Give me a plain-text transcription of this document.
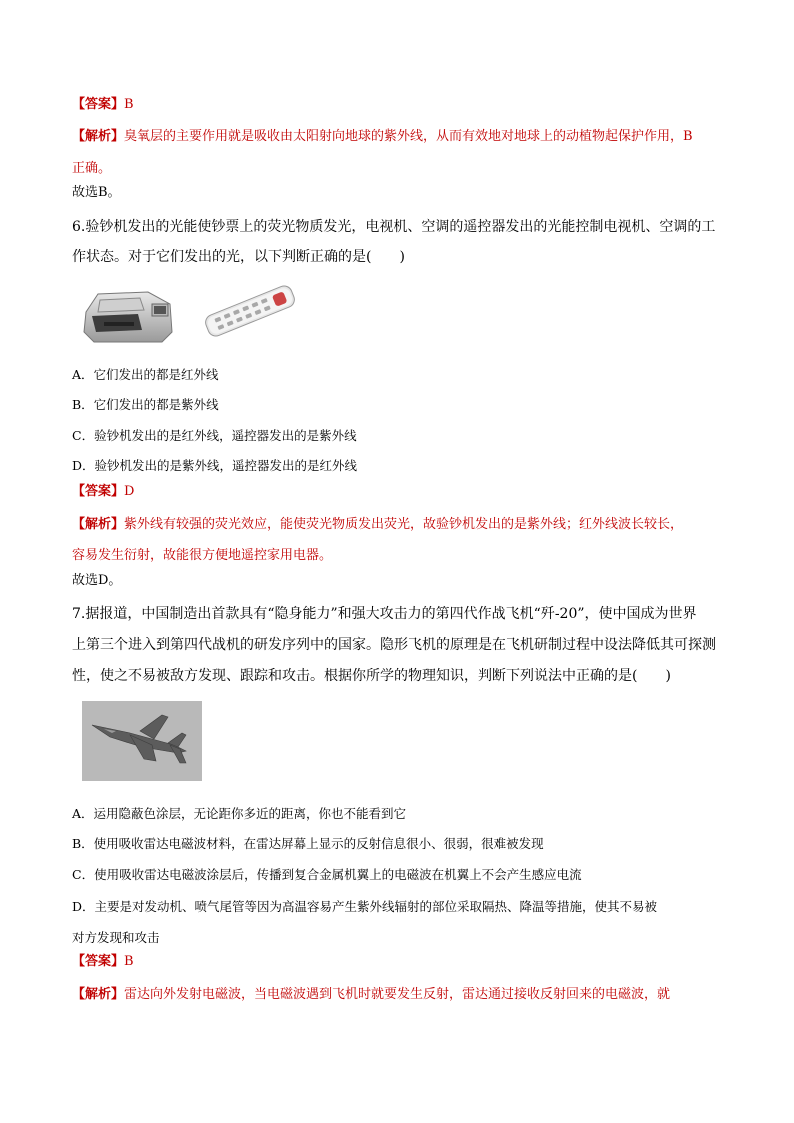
【答案】B
【解析】臭氧层的主要作用就是吸收由太阳射向地球的紫外线，从而有效地对地球上的动植物起保护作用，B
正确。
故选B。
6.验钞机发出的光能使钞票上的荧光物质发光，电视机、空调的遥控器发出的光能控制电视机、空调的工
作状态。对于它们发出的光，以下判断正确的是(　　)
A．它们发出的都是红外线
B．它们发出的都是紫外线
C．验钞机发出的是红外线，遥控器发出的是紫外线
D．验钞机发出的是紫外线，遥控器发出的是红外线
【答案】D
【解析】紫外线有较强的荧光效应，能使荧光物质发出荧光，故验钞机发出的是紫外线；红外线波长较长，
容易发生衍射，故能很方便地遥控家用电器。
故选D。
7.据报道，中国制造出首款具有“隐身能力”和强大攻击力的第四代作战飞机“歼-20”，使中国成为世界
上第三个进入到第四代战机的研发序列中的国家。隐形飞机的原理是在飞机研制过程中设法降低其可探测
性，使之不易被敌方发现、跟踪和攻击。根据你所学的物理知识，判断下列说法中正确的是(　　)
A．运用隐蔽色涂层，无论距你多近的距离，你也不能看到它
B．使用吸收雷达电磁波材料，在雷达屏幕上显示的反射信息很小、很弱，很难被发现
C．使用吸收雷达电磁波涂层后，传播到复合金属机翼上的电磁波在机翼上不会产生感应电流
D．主要是对发动机、喷气尾管等因为高温容易产生紫外线辐射的部位采取隔热、降温等措施，使其不易被
对方发现和攻击
【答案】B
【解析】雷达向外发射电磁波，当电磁波遇到飞机时就要发生反射，雷达通过接收反射回来的电磁波，就
